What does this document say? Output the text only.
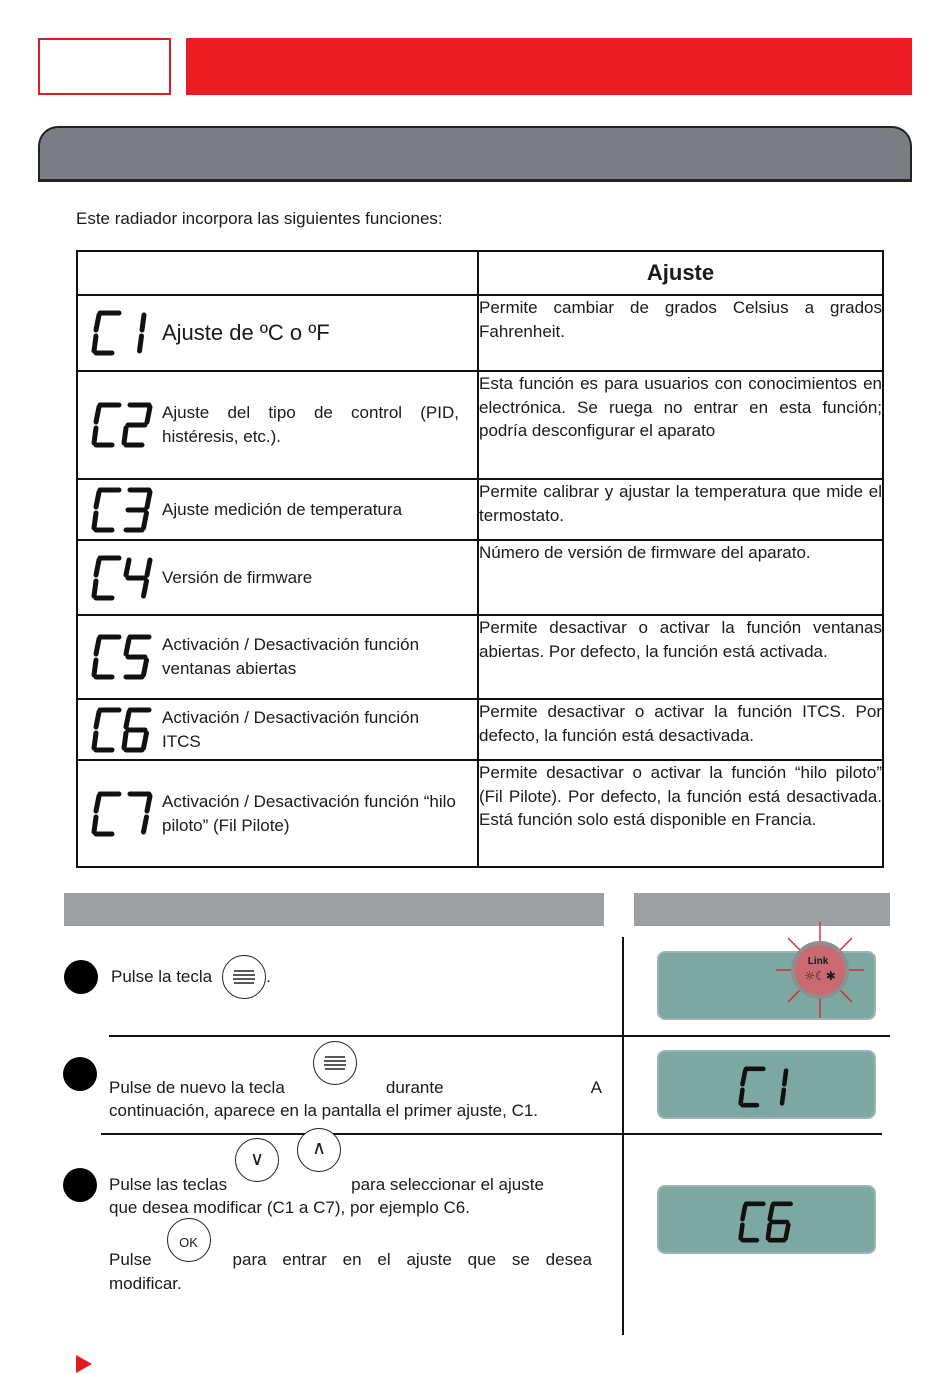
Este radiador incorpora las siguientes funciones:
	Ajuste

Ajuste de ºC o ºF	Permite cambiar de grados Celsius a grados Fahrenheit.

Ajuste del tipo de control (PID, histéresis, etc.).	Esta función es para usuarios con conocimientos en electrónica. Se ruega no entrar en esta función; podría desconfigurar el aparato

Ajuste medición de temperatura	Permite calibrar y ajustar la temperatura que mide el termostato.

Versión de firmware	Número de versión de firmware del aparato.

Activación / Desactivación función ventanas abiertas	Permite desactivar o activar la función ventanas abiertas. Por defecto, la función está activada.

Activación / Desactivación función ITCS	Permite desactivar o activar la función ITCS. Por defecto, la función está desactivada.

Activación / Desactivación función “hilo piloto” (Fil Pilote)	Permite desactivar o activar la función “hilo piloto” (Fil Pilote). Por defecto, la función está desactivada. Está función solo está disponible en Francia.
Pulse la tecla	.
Link
☼☾✱
Pulse de nuevo la tecla	durante	A
continuación, aparece en la pantalla el primer ajuste, C1.
Pulse las teclas
∨	∧
para seleccionar el ajuste
que desea modificar (C1 a C7), por ejemplo C6.
Pulse
OK
para entrar en el ajuste que se desea
modificar.
